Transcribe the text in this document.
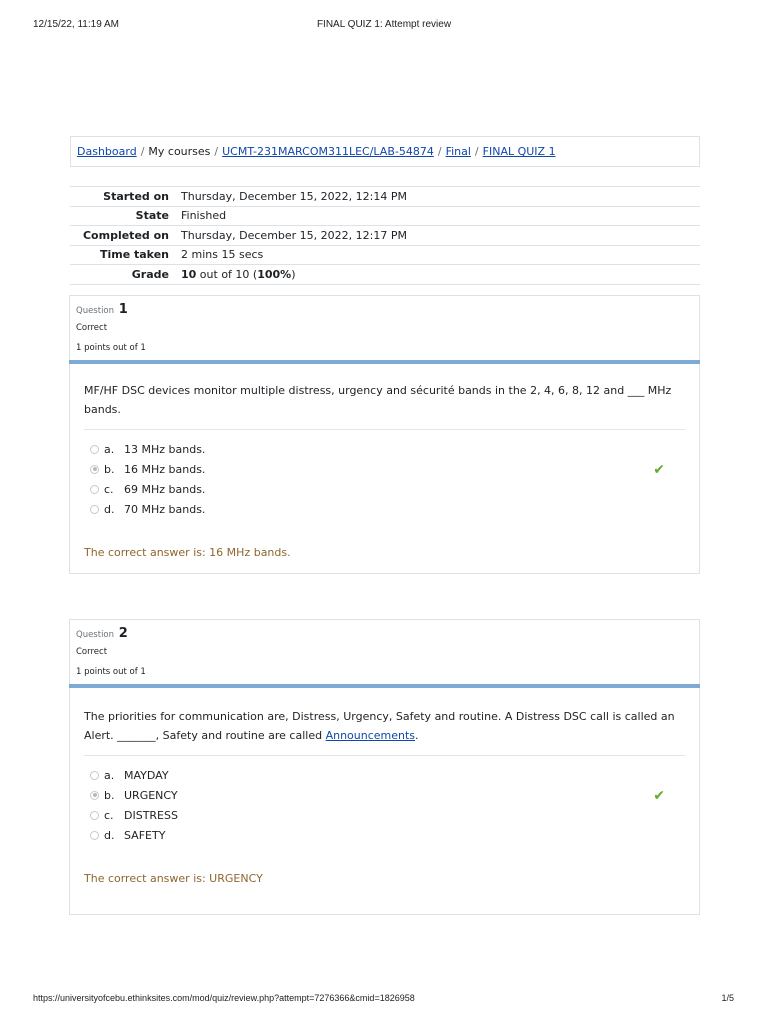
12/15/22, 11:19 AM	FINAL QUIZ 1: Attempt review
Dashboard / My courses / UCMT-231MARCOM311LEC/LAB-54874 / Final / FINAL QUIZ 1
Started on	Thursday, December 15, 2022, 12:14 PM
State	Finished
Completed on	Thursday, December 15, 2022, 12:17 PM
Time taken	2 mins 15 secs
Grade	10 out of 10 (100%)
Question 1
Correct
1 points out of 1
MF/HF DSC devices monitor multiple distress, urgency and sécurité bands in the 2, 4, 6, 8, 12 and ___ MHz bands.
a. 13 MHz bands.
b. 16 MHz bands.	✔
c. 69 MHz bands.
d. 70 MHz bands.
The correct answer is: 16 MHz bands.
Question 2
Correct
1 points out of 1
The priorities for communication are, Distress, Urgency, Safety and routine. A Distress DSC call is called an Alert. _______, Safety and routine are called Announcements.
a. MAYDAY
b. URGENCY	✔
c. DISTRESS
d. SAFETY
The correct answer is: URGENCY
https://universityofcebu.ethinksites.com/mod/quiz/review.php?attempt=7276366&cmid=1826958	1/5
